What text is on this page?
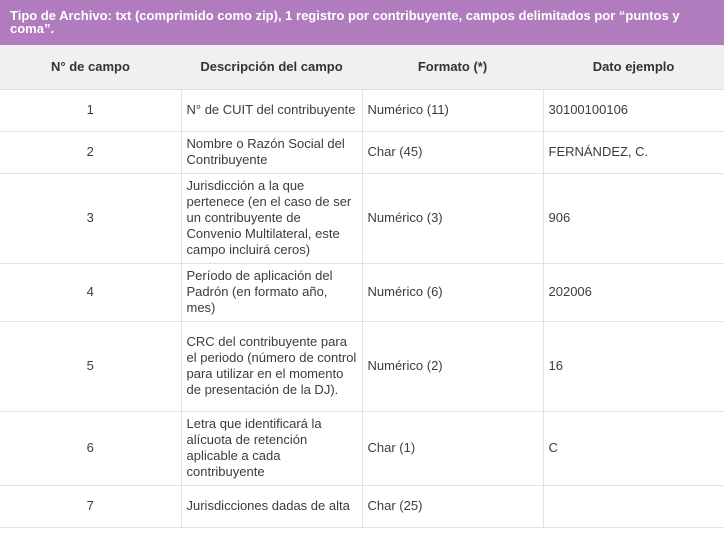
Tipo de Archivo: txt (comprimido como zip), 1 registro por contribuyente, campos delimitados por “puntos y coma”.
N° de campo	Descripción del campo	Formato (*)	Dato ejemplo
1	N° de CUIT del contribuyente	Numérico (11)	30100100106
2	Nombre o Razón Social del Contribuyente	Char (45)	FERNÁNDEZ, C.
3	Jurisdicción a la que pertenece (en el caso de ser un contribuyente de Convenio Multilateral, este campo incluirá ceros)	Numérico (3)	906
4	Período de aplicación del Padrón (en formato año, mes)	Numérico (6)	202006
5	CRC del contribuyente para el periodo (número de control para utilizar en el momento de presentación de la DJ).	Numérico (2)	16
6	Letra que identificará la alícuota de retención aplicable a cada contribuyente	Char (1)	C
7	Jurisdicciones dadas de alta	Char (25)	
